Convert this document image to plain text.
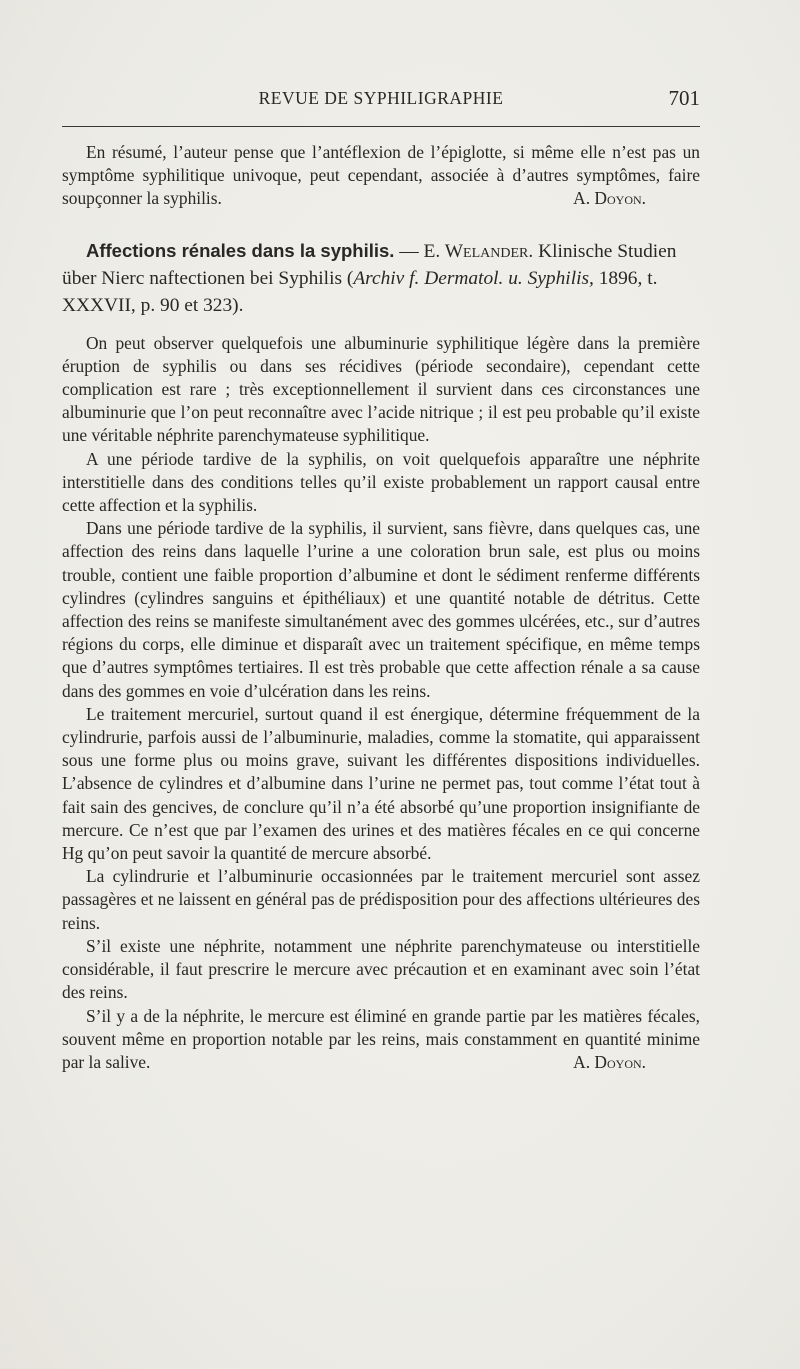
REVUE DE SYPHILIGRAPHIE	701

En résumé, l’auteur pense que l’antéflexion de l’épiglotte, si même elle n’est pas un symptôme syphilitique univoque, peut cependant, associée à d’autres symptômes, faire soupçonner la syphilis.	A. Doyon.

Affections rénales dans la syphilis. — E. Welander. Klinische Studien über Nierc naftectionen bei Syphilis (Archiv f. Dermatol. u. Syphilis, 1896, t. XXXVII, p. 90 et 323).

On peut observer quelquefois une albuminurie syphilitique légère dans la première éruption de syphilis ou dans ses récidives (période secondaire), cependant cette complication est rare ; très exceptionnellement il survient dans ces circonstances une albuminurie que l’on peut reconnaître avec l’acide nitrique ; il est peu probable qu’il existe une véritable néphrite parenchymateuse syphilitique.

A une période tardive de la syphilis, on voit quelquefois apparaître une néphrite interstitielle dans des conditions telles qu’il existe probablement un rapport causal entre cette affection et la syphilis.

Dans une période tardive de la syphilis, il survient, sans fièvre, dans quelques cas, une affection des reins dans laquelle l’urine a une coloration brun sale, est plus ou moins trouble, contient une faible proportion d’albumine et dont le sédiment renferme différents cylindres (cylindres sanguins et épithéliaux) et une quantité notable de détritus. Cette affection des reins se manifeste simultanément avec des gommes ulcérées, etc., sur d’autres régions du corps, elle diminue et disparaît avec un traitement spécifique, en même temps que d’autres symptômes tertiaires. Il est très probable que cette affection rénale a sa cause dans des gommes en voie d’ulcération dans les reins.

Le traitement mercuriel, surtout quand il est énergique, détermine fréquemment de la cylindrurie, parfois aussi de l’albuminurie, maladies, comme la stomatite, qui apparaissent sous une forme plus ou moins grave, suivant les différentes dispositions individuelles. L’absence de cylindres et d’albumine dans l’urine ne permet pas, tout comme l’état tout à fait sain des gencives, de conclure qu’il n’a été absorbé qu’une proportion insignifiante de mercure. Ce n’est que par l’examen des urines et des matières fécales en ce qui concerne Hg qu’on peut savoir la quantité de mercure absorbé.

La cylindrurie et l’albuminurie occasionnées par le traitement mercuriel sont assez passagères et ne laissent en général pas de prédisposition pour des affections ultérieures des reins.

S’il existe une néphrite, notamment une néphrite parenchymateuse ou interstitielle considérable, il faut prescrire le mercure avec précaution et en examinant avec soin l’état des reins.

S’il y a de la néphrite, le mercure est éliminé en grande partie par les matières fécales, souvent même en proportion notable par les reins, mais constamment en quantité minime par la salive.	A. Doyon.
